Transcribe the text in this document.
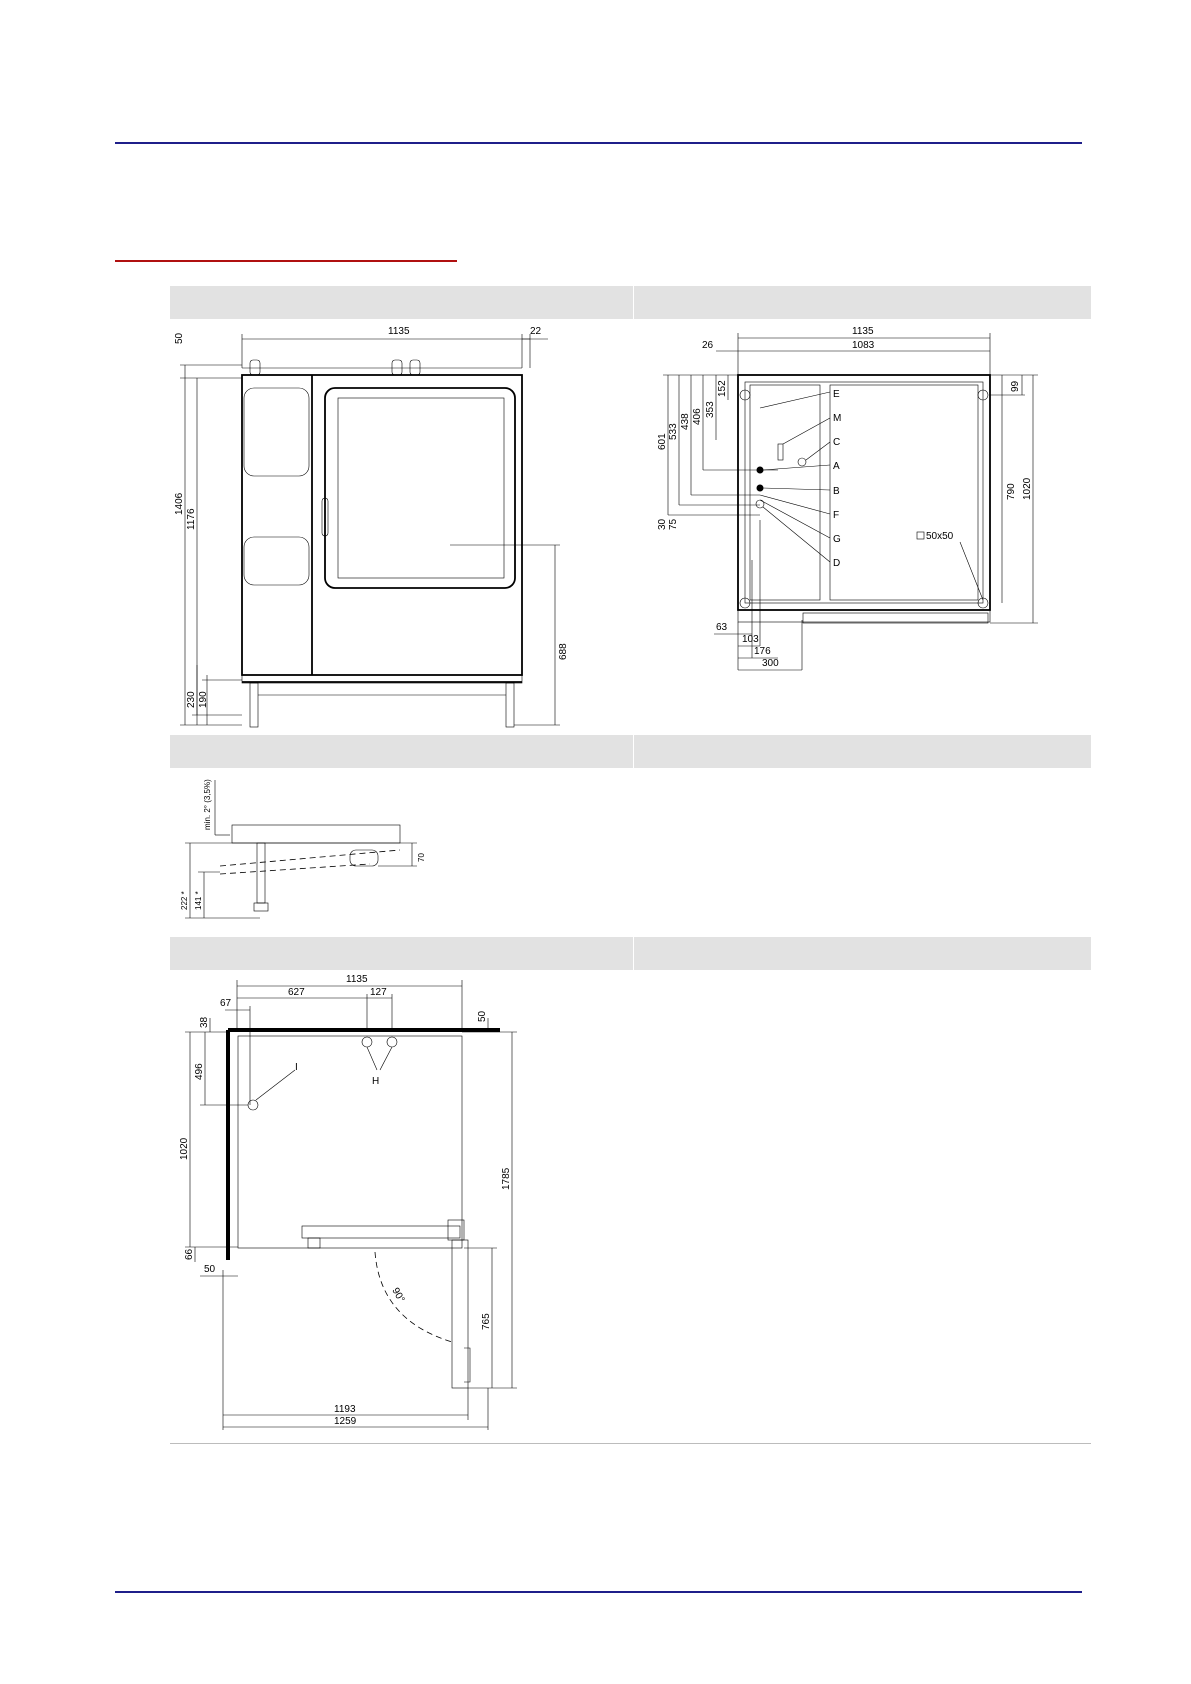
1135	22
1406
1176
50
230 190
688
1135
1083
26
601
533
438 406 353
152
30 75
99
790 1020
E
M
C
A
B
F
G
D
50x50
63
103
176
300
min. 2° (3,5%)
222 * 141 *
70
1135
627	127
67
H
I
90°
496
1020
38
66
50
50
1785
765
1193
1259
